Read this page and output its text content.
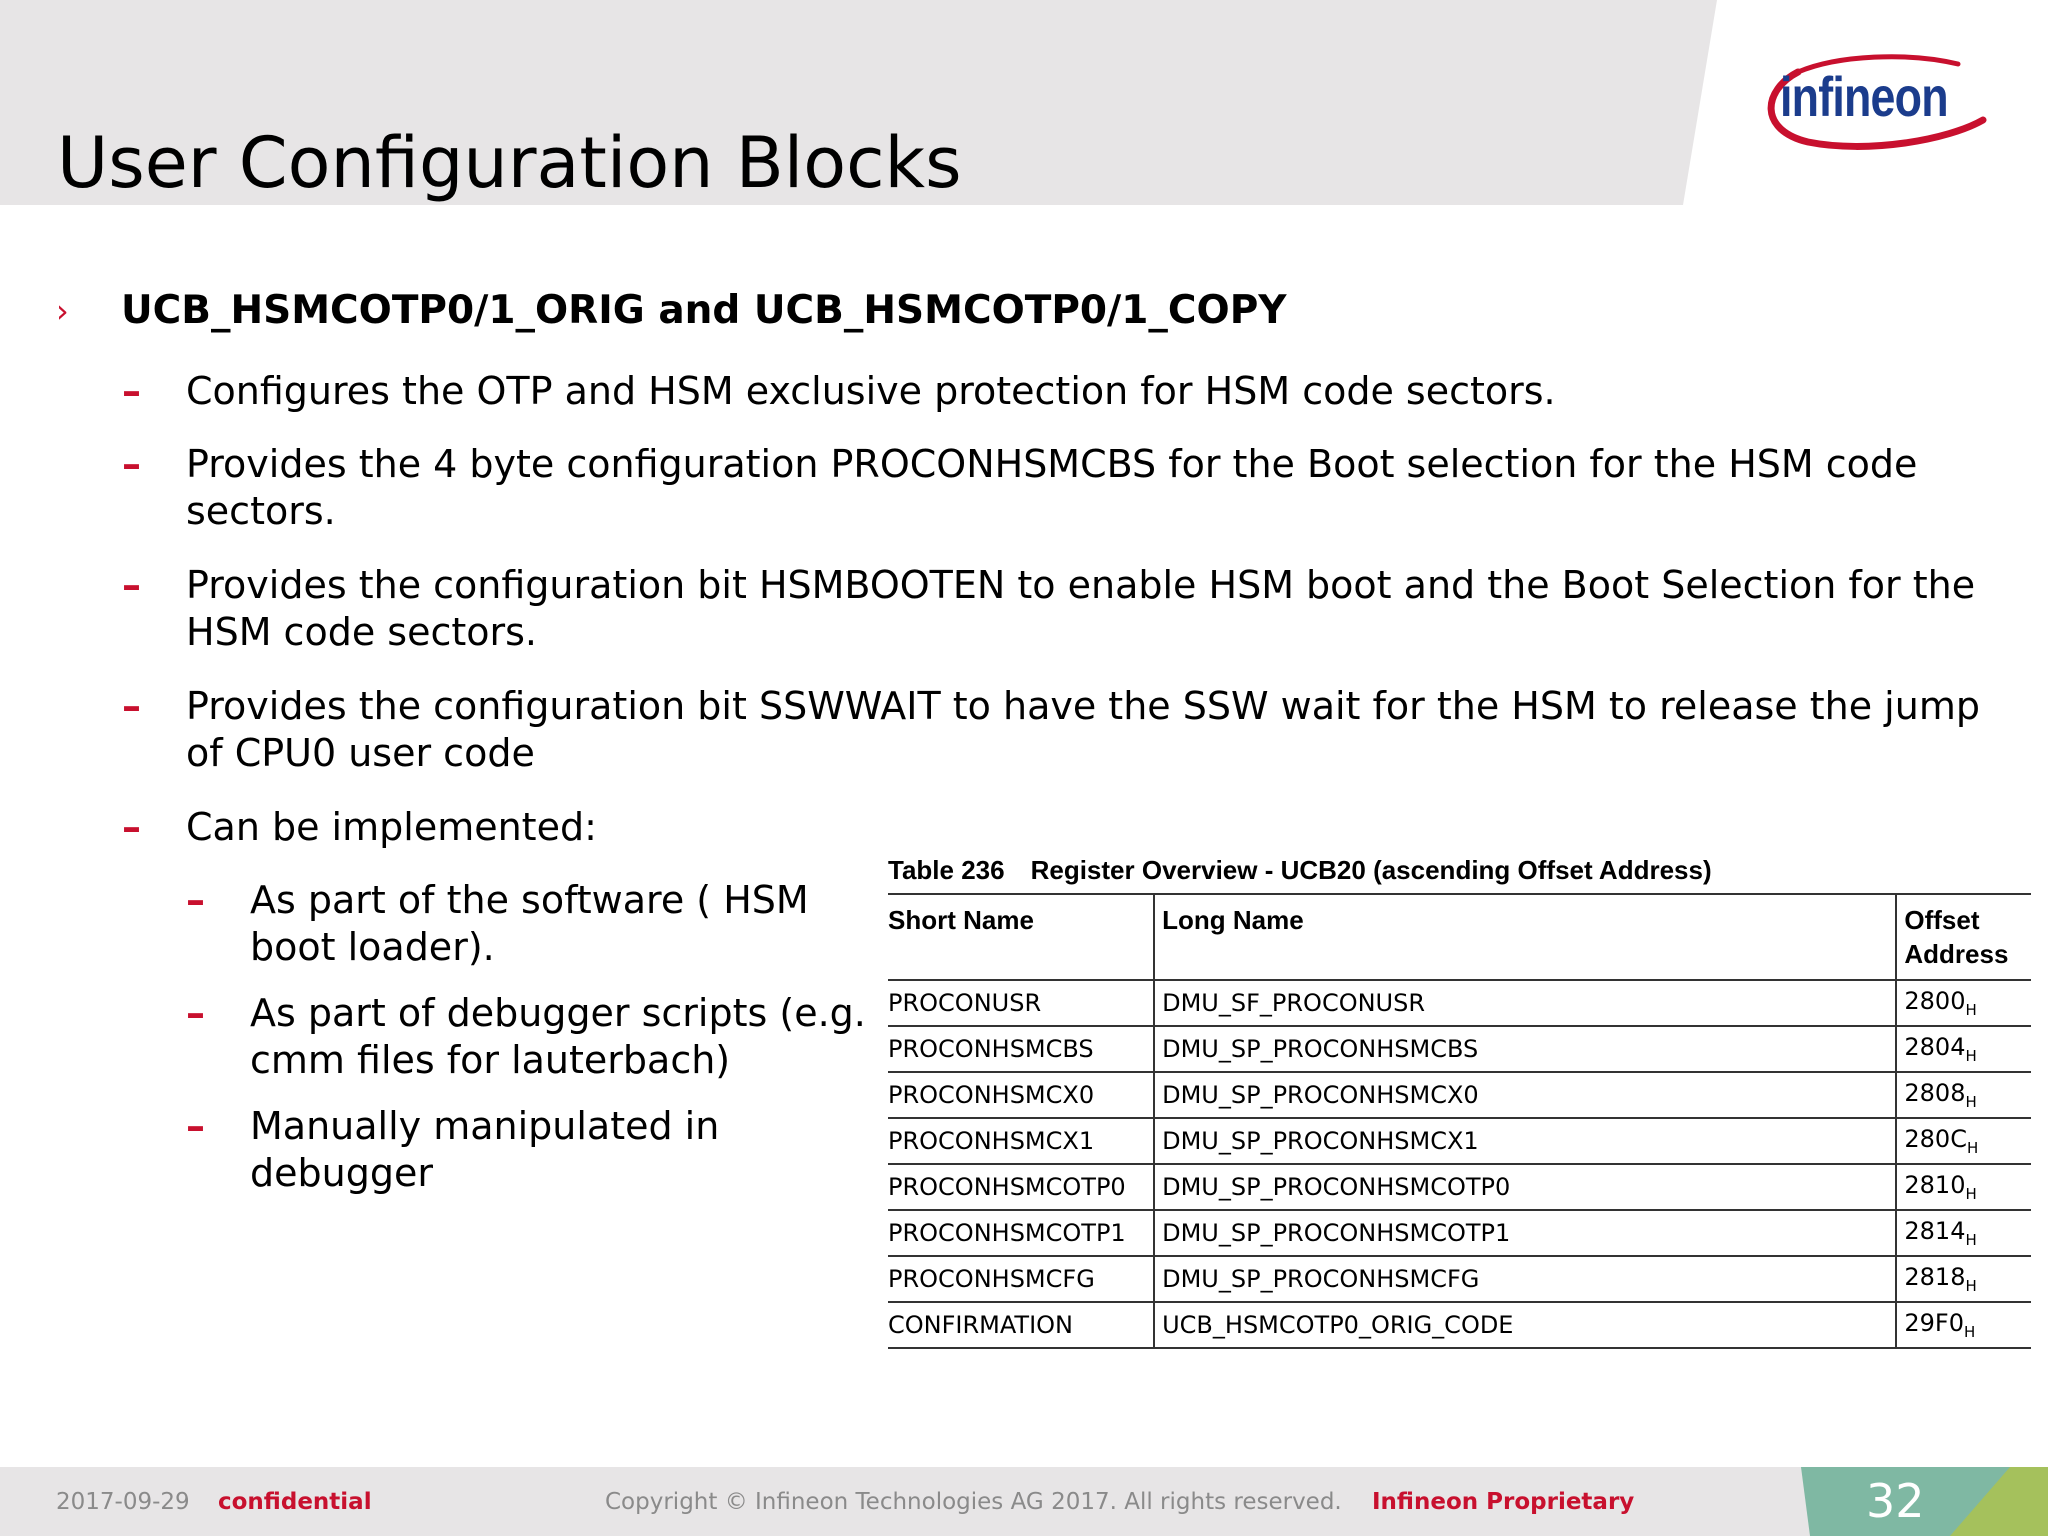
User Configuration Blocks
infineon
› UCB_HSMCOTP0/1_ORIG and UCB_HSMCOTP0/1_COPY
– Configures the OTP and HSM exclusive protection for HSM code sectors.
– Provides the 4 byte configuration PROCONHSMCBS for the Boot selection for the HSM code sectors.
– Provides the configuration bit HSMBOOTEN to enable HSM boot and the Boot Selection for the HSM code sectors.
– Provides the configuration bit SSWWAIT to have the SSW wait for the HSM to release the jump of CPU0 user code
– Can be implemented:
– As part of the software ( HSM boot loader).
– As part of debugger scripts (e.g. cmm files for lauterbach)
– Manually manipulated in debugger
Table 236 Register Overview - UCB20 (ascending Offset Address)
Short Name	Long Name	Offset Address
PROCONUSR	DMU_SF_PROCONUSR	$2800_H$
PROCONHSMCBS	DMU_SP_PROCONHSMCBS	$2804_H$
PROCONHSMCX0	DMU_SP_PROCONHSMCX0	$2808_H$
PROCONHSMCX1	DMU_SP_PROCONHSMCX1	$280C_H$
PROCONHSMCOTP0	DMU_SP_PROCONHSMCOTP0	$2810_H$
PROCONHSMCOTP1	DMU_SP_PROCONHSMCOTP1	$2814_H$
PROCONHSMCFG	DMU_SP_PROCONHSMCFG	$2818_H$
CONFIRMATION	UCB_HSMCOTP0_ORIG_CODE	$29F0_H$
2017-09-29 confidential	Copyright © Infineon Technologies AG 2017. All rights reserved. Infineon Proprietary	32
